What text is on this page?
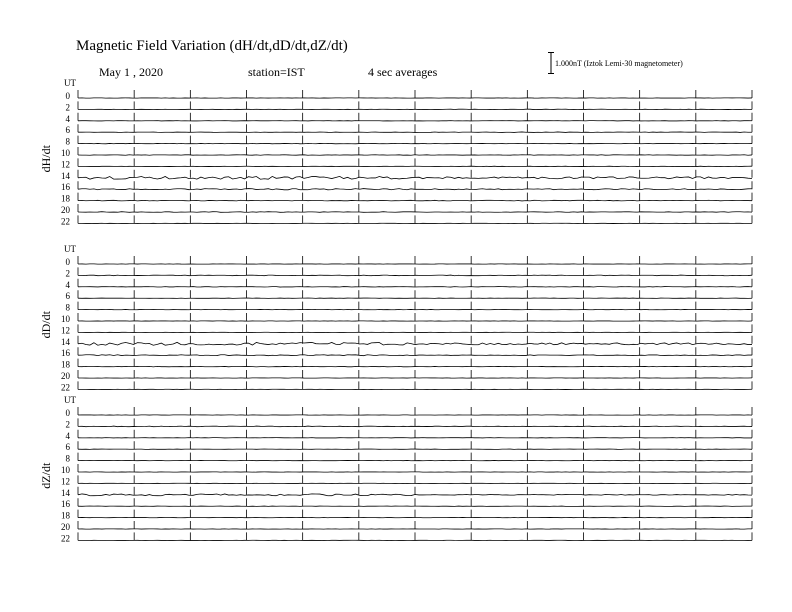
Magnetic Field Variation (dH/dt,dD/dt,dZ/dt)
May 1 , 2020	station=IST	4 sec averages
1.000nT (Iztok Lemi-30 magnetometer)
UT
dH/dt
0
2
4
6
8
10
12
14
16
18
20
22
UT
dD/dt
0
2
4
6
8
10
12
14
16
18
20
22
UT
dZ/dt
0
2
4
6
8
10
12
14
16
18
20
22
